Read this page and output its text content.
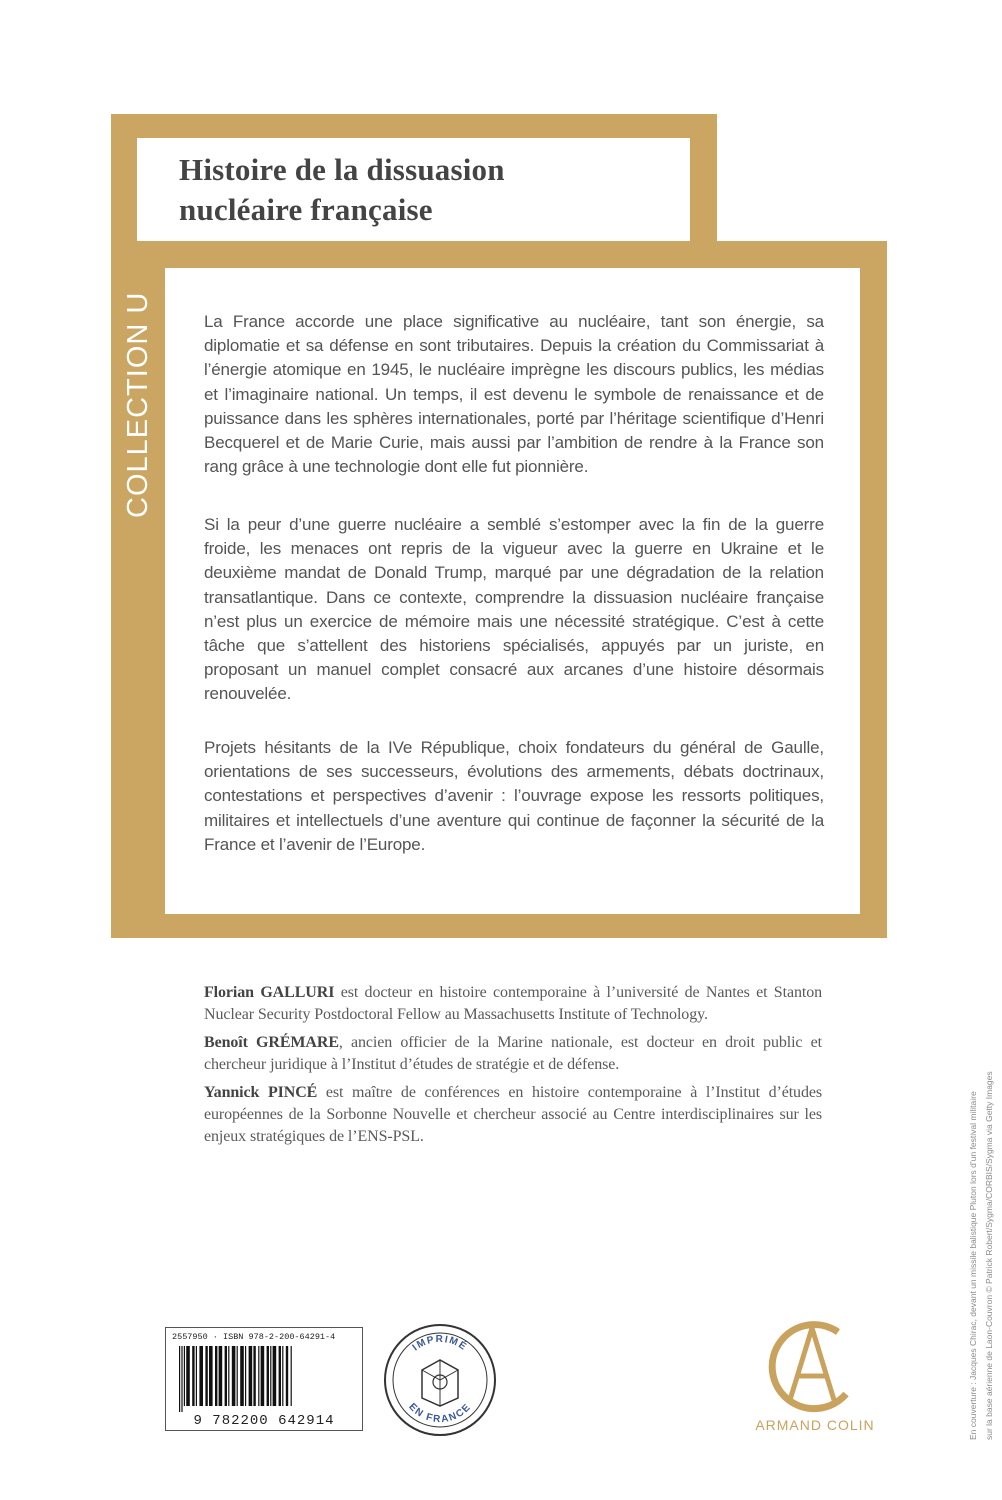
Histoire de la dissuasion
nucléaire française
COLLECTION U	La France accorde une place significative au nucléaire, tant son énergie, sa diplomatie et sa défense en sont tributaires. Depuis la création du Commissariat à l’énergie atomique en 1945, le nucléaire imprègne les discours publics, les médias et l’imaginaire national. Un temps, il est devenu le symbole de renaissance et de puissance dans les sphères internationales, porté par l’héritage scientifique d’Henri Becquerel et de Marie Curie, mais aussi par l’ambition de rendre à la France son rang grâce à une technologie dont elle fut pionnière.

Si la peur d’une guerre nucléaire a semblé s’estomper avec la fin de la guerre froide, les menaces ont repris de la vigueur avec la guerre en Ukraine et le deuxième mandat de Donald Trump, marqué par une dégradation de la relation transatlantique. Dans ce contexte, comprendre la dissuasion nucléaire française n’est plus un exercice de mémoire mais une nécessité stratégique. C’est à cette tâche que s’attellent des historiens spécialisés, appuyés par un juriste, en proposant un manuel complet consacré aux arcanes d’une histoire désormais renouvelée.

Projets hésitants de la IVe République, choix fondateurs du général de Gaulle, orientations de ses successeurs, évolutions des armements, débats doctrinaux, contestations et perspectives d’avenir : l’ouvrage expose les ressorts politiques, militaires et intellectuels d’une aventure qui continue de façonner la sécurité de la France et l’avenir de l’Europe.

Florian GALLURI est docteur en histoire contemporaine à l’université de Nantes et Stanton Nuclear Security Postdoctoral Fellow au Massachusetts Institute of Technology.

Benoît GRÉMARE, ancien officier de la Marine nationale, est docteur en droit public et chercheur juridique à l’Institut d’études de stratégie et de défense.

Yannick PINCÉ est maître de conférences en histoire contemporaine à l’Institut d’études européennes de la Sorbonne Nouvelle et chercheur associé au Centre interdisciplinaires sur les enjeux stratégiques de l’ENS-PSL.

2557950 · ISBN 978-2-200-64291-4
9 782200 642914
IMPRIMÉ
EN FRANCE
ARMAND COLIN	En couverture : Jacques Chirac, devant un missile balistique Pluton lors d’un festival militaire sur la base aérienne de Laon-Couvron © Patrick Robert/Sygma/CORBIS/Sygma via Getty Images
